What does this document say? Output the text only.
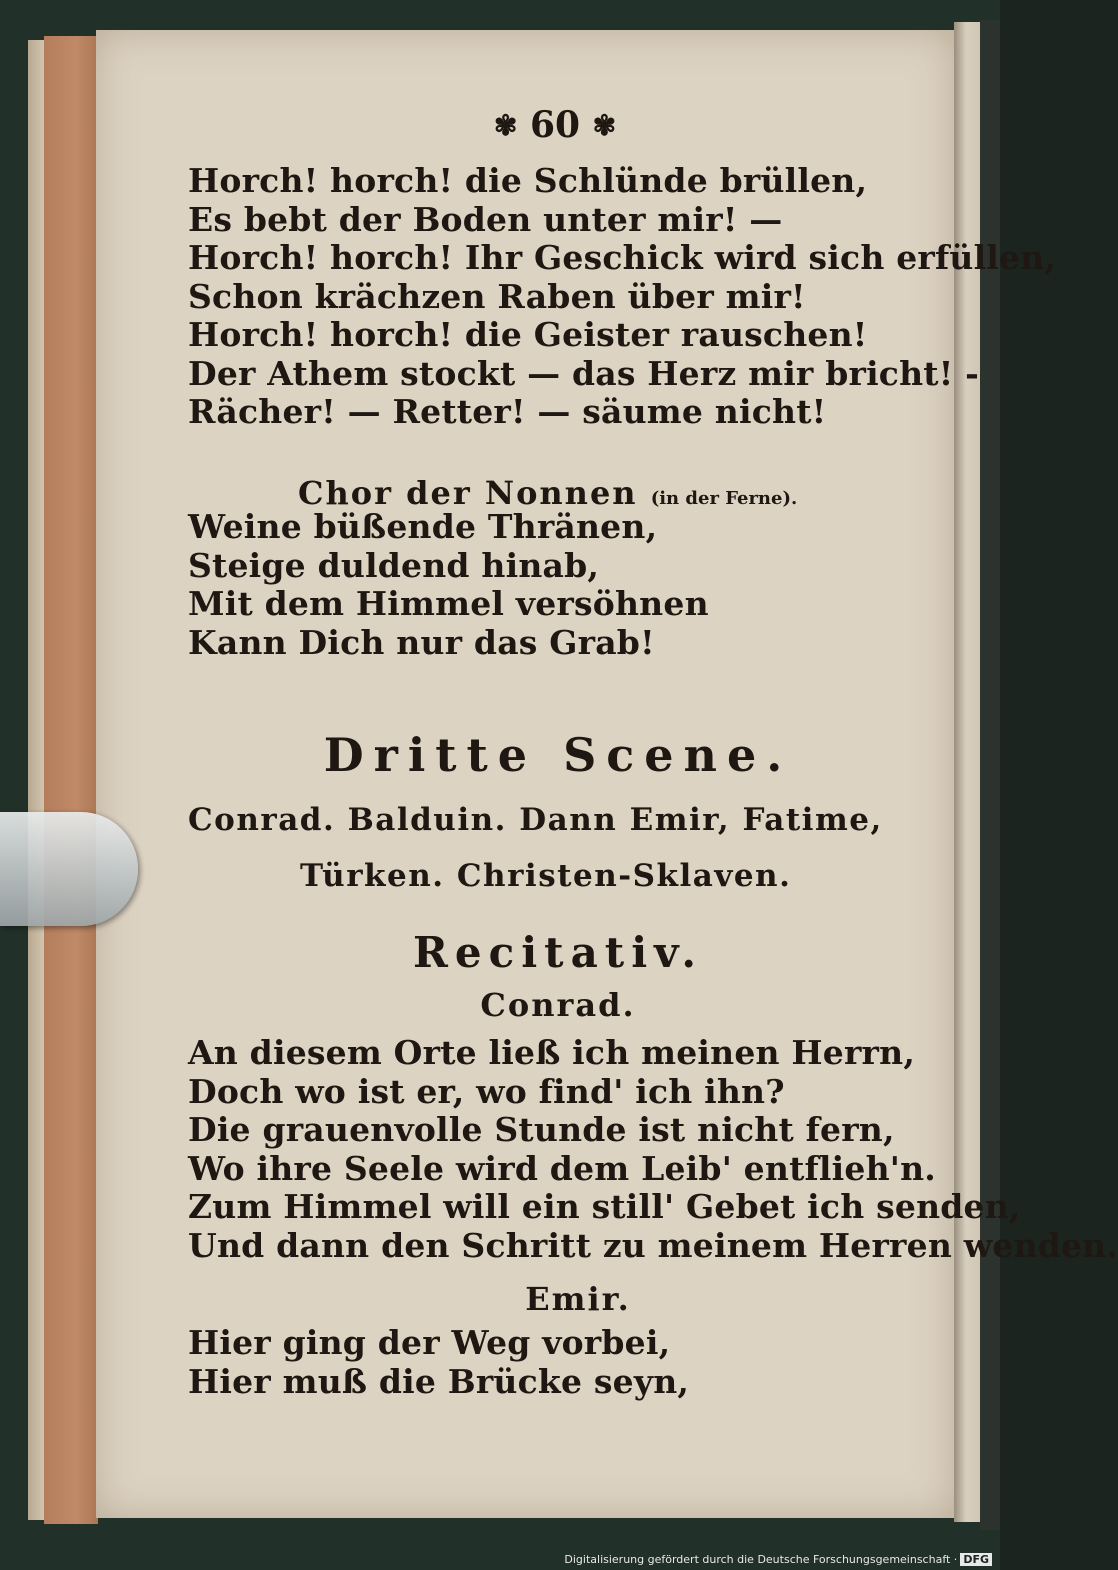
✾ 60 ✾
Horch! horch! die Schlünde brüllen,
Es bebt der Boden unter mir! —
Horch! horch! Ihr Geschick wird sich erfüllen,
Schon krächzen Raben über mir!
Horch! horch! die Geister rauschen!
Der Athem stockt — das Herz mir bricht! -
Rächer! — Retter! — säume nicht!
Chor der Nonnen (in der Ferne).
Weine büßende Thränen,
Steige duldend hinab,
Mit dem Himmel versöhnen
Kann Dich nur das Grab!
Dritte Scene.
Conrad. Balduin. Dann Emir, Fatime,
Türken. Christen-Sklaven.
Recitativ.
Conrad.
An diesem Orte ließ ich meinen Herrn,
Doch wo ist er, wo find' ich ihn?
Die grauenvolle Stunde ist nicht fern,
Wo ihre Seele wird dem Leib' entflieh'n.
Zum Himmel will ein still' Gebet ich senden,
Und dann den Schritt zu meinem Herren wenden.
Emir.
Hier ging der Weg vorbei,
Hier muß die Brücke seyn,
Digitalisierung gefördert durch die Deutsche Forschungsgemeinschaft · DFG
